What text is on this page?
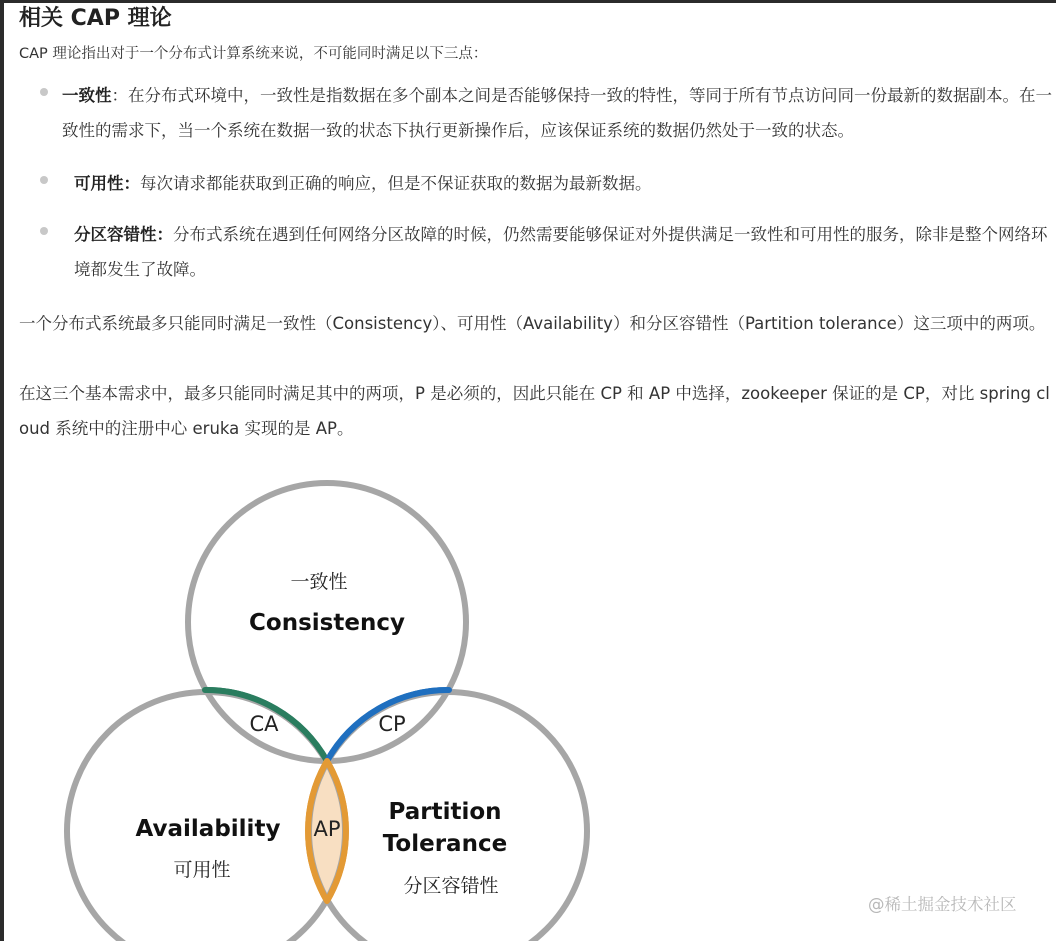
相关 CAP 理论

CAP 理论指出对于一个分布式计算系统来说，不可能同时满足以下三点：

一致性：在分布式环境中，一致性是指数据在多个副本之间是否能够保持一致的特性，等同于所有节点访问同一份最新的数据副本。在一致性的需求下，当一个系统在数据一致的状态下执行更新操作后，应该保证系统的数据仍然处于一致的状态。
可用性：每次请求都能获取到正确的响应，但是不保证获取的数据为最新数据。
分区容错性：分布式系统在遇到任何网络分区故障的时候，仍然需要能够保证对外提供满足一致性和可用性的服务，除非是整个网络环境都发生了故障。

一个分布式系统最多只能同时满足一致性（Consistency）、可用性（Availability）和分区容错性（Partition tolerance）这三项中的两项。

在这三个基本需求中，最多只能同时满足其中的两项，P 是必须的，因此只能在 CP 和 AP 中选择，zookeeper 保证的是 CP，对比 spring cloud 系统中的注册中心 eruka 实现的是 AP。

一致性
Consistency
CA	CP
AP
Availability
可用性
Partition
Tolerance
分区容错性
@稀土掘金技术社区
